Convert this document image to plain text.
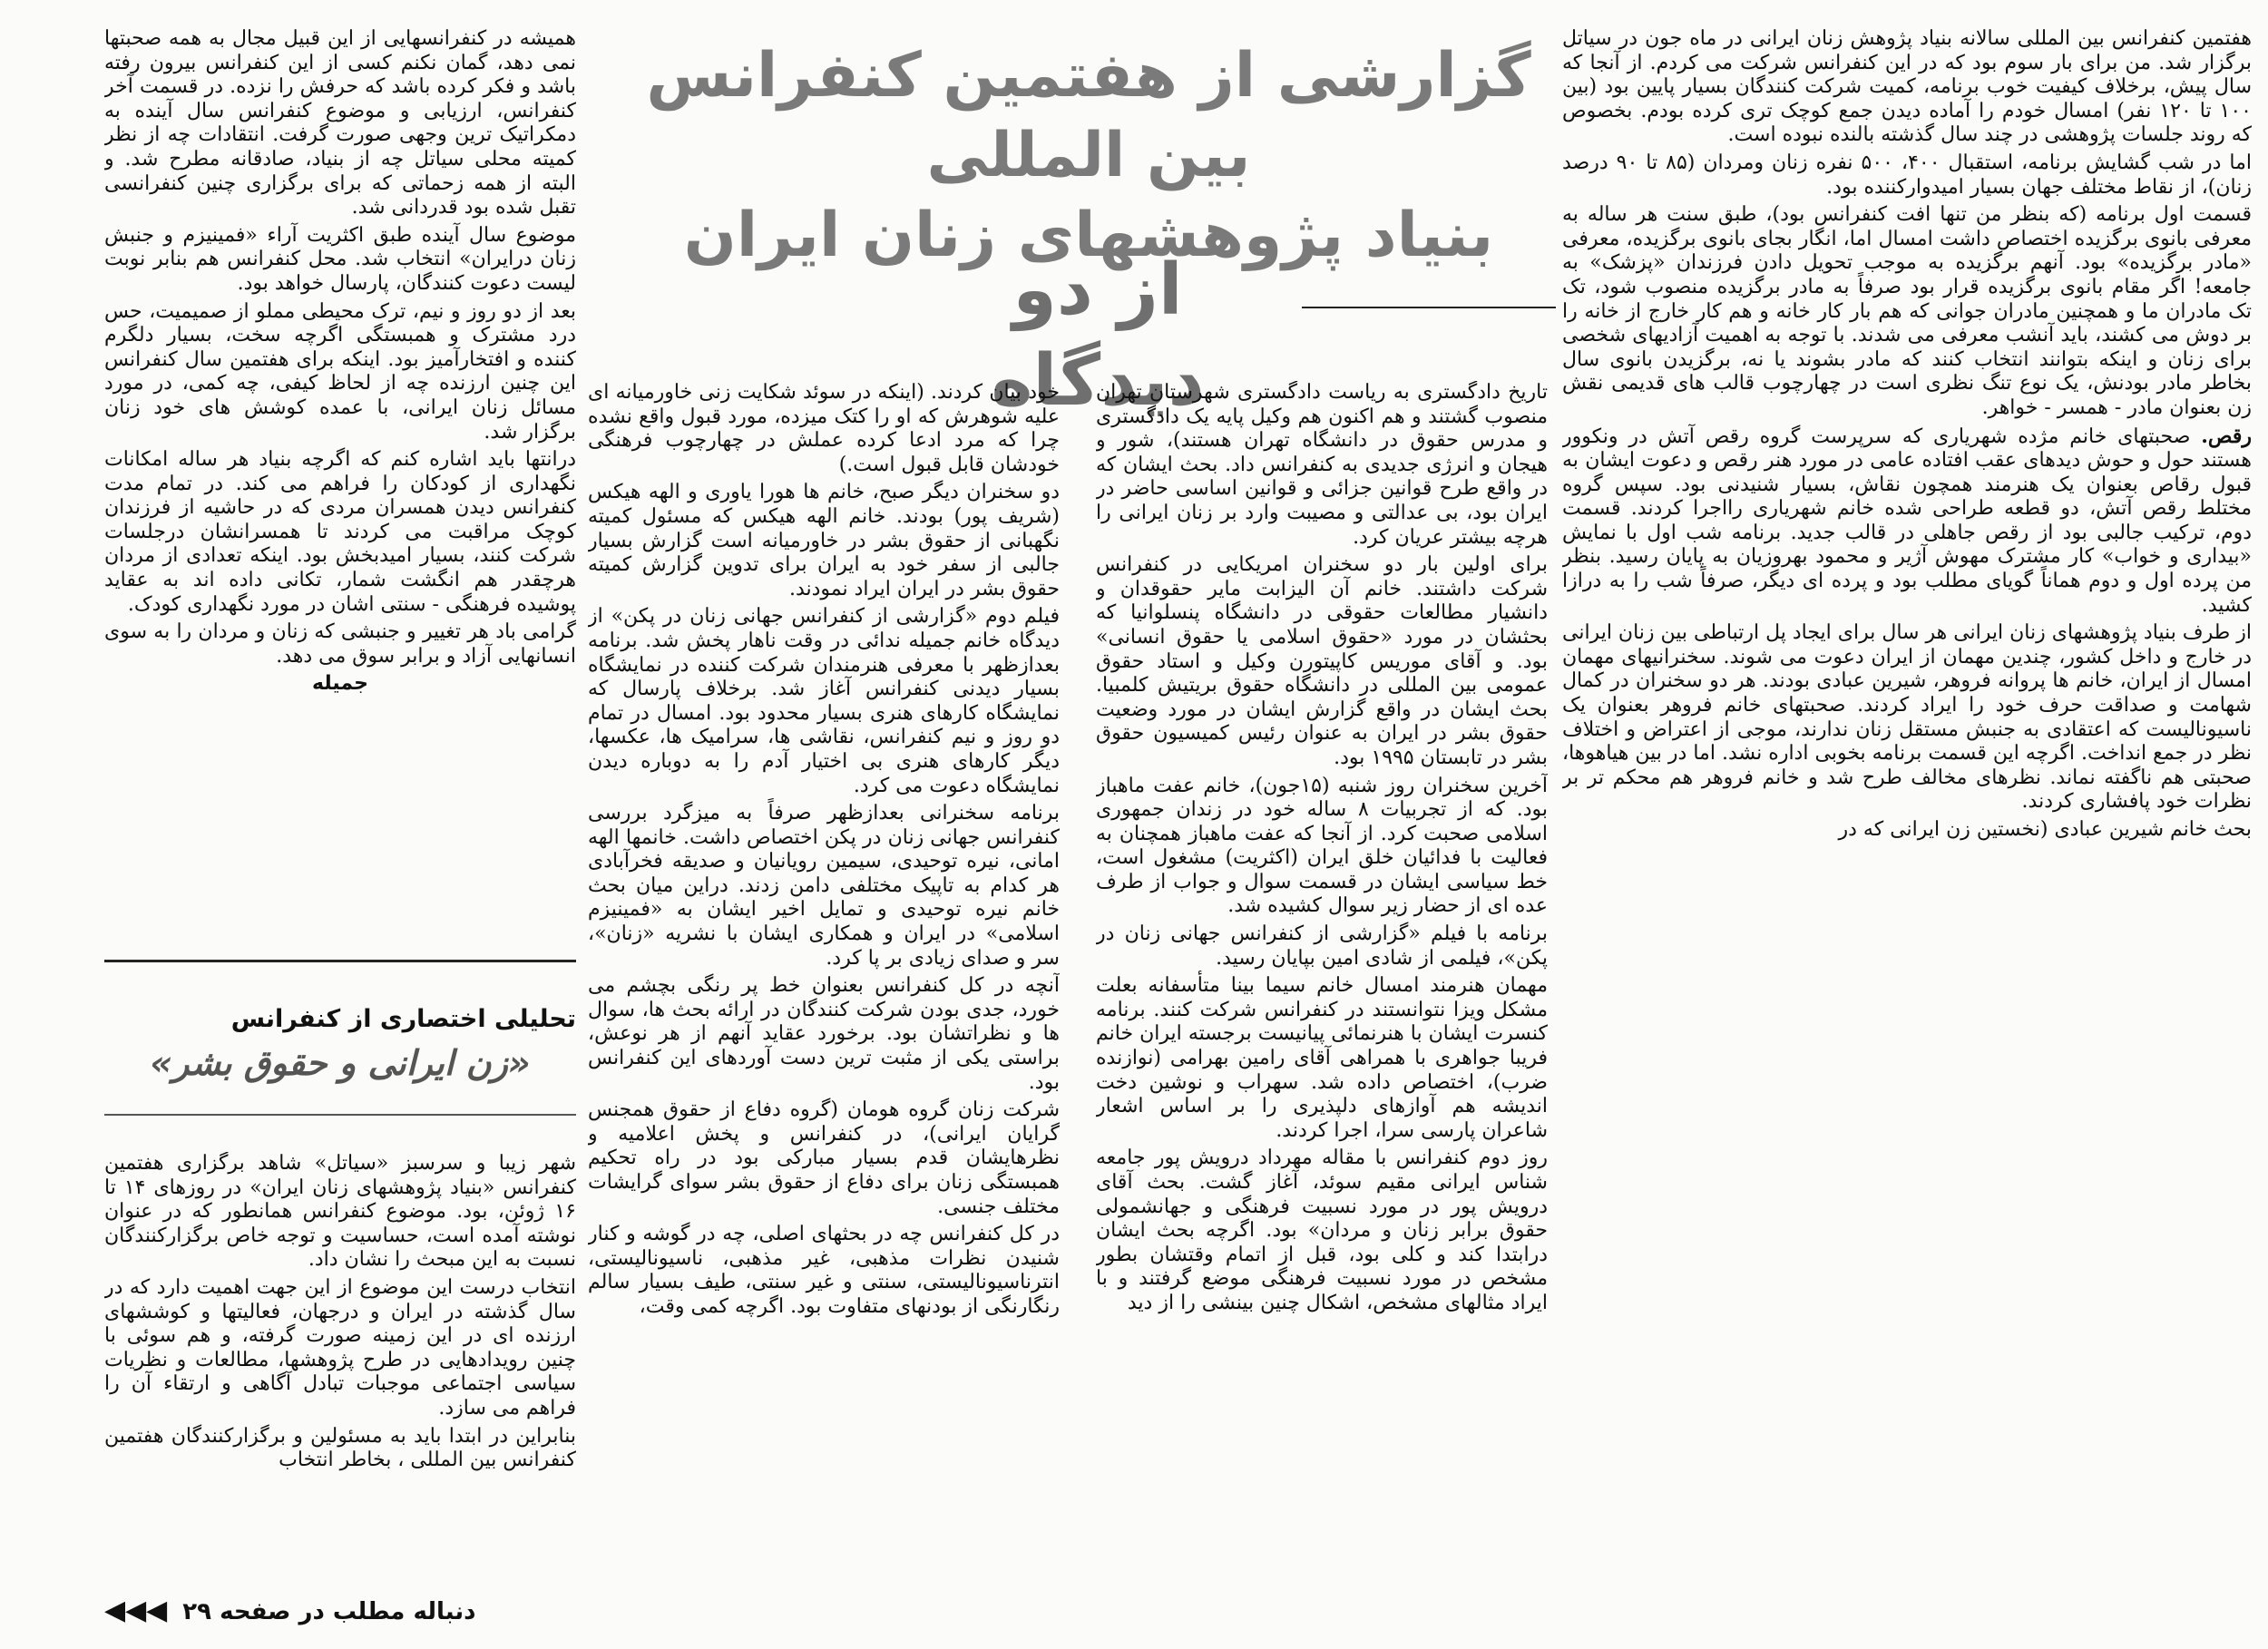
گزارشی از هفتمین کنفرانس بین المللی
بنیاد پژوهشهای زنان ایران
از دو دیدگاه

هفتمین کنفرانس بین المللی سالانه بنیاد پژوهش زنان ایرانی در ماه جون در سیاتل برگزار شد. من برای بار سوم بود که در این کنفرانس شرکت می کردم. از آنجا که سال پیش، برخلاف کیفیت خوب برنامه، کمیت شرکت کنندگان بسیار پایین بود (بین ۱۰۰ تا ۱۲۰ نفر) امسال خودم را آماده دیدن جمع کوچک تری کرده بودم. بخصوص که روند جلسات پژوهشی در چند سال گذشته بالنده نبوده است.

اما در شب گشایش برنامه، استقبال ۴۰۰، ۵۰۰ نفره زنان ومردان (۸۵ تا ۹۰ درصد زنان)، از نقاط مختلف جهان بسیار امیدوارکننده بود.

قسمت اول برنامه (که بنظر من تنها افت کنفرانس بود)، طبق سنت هر ساله به معرفی بانوی برگزیده اختصاص داشت امسال اما، انگار بجای بانوی برگزیده، معرفی «مادر برگزیده» بود. آنهم برگزیده به موجب تحویل دادن فرزندان «پزشک» به جامعه! اگر مقام بانوی برگزیده قرار بود صرفاً به مادر برگزیده منصوب شود، تک تک مادران ما و همچنین مادران جوانی که هم بار کار خانه و هم کار خارج از خانه را بر دوش می کشند، باید آنشب معرفی می شدند. با توجه به اهمیت آزادیهای شخصی برای زنان و اینکه بتوانند انتخاب کنند که مادر بشوند یا نه، برگزیدن بانوی سال بخاطر مادر بودنش، یک نوع تنگ نظری است در چهارچوب قالب های قدیمی نقش زن بعنوان مادر - همسر - خواهر.

رقص. صحبتهای خانم مژده شهریاری که سرپرست گروه رقص آتش در ونکوور هستند حول و حوش دیدهای عقب افتاده عامی در مورد هنر رقص و دعوت ایشان به قبول رقاص بعنوان یک هنرمند همچون نقاش، بسیار شنیدنی بود. سپس گروه مختلط رقص آتش، دو قطعه طراحی شده خانم شهریاری رااجرا کردند. قسمت دوم، ترکیب جالبی بود از رقص جاهلی در قالب جدید. برنامه شب اول با نمایش «بیداری و خواب» کار مشترک مهوش آژیر و محمود بهروزیان به پایان رسید. بنظر من پرده اول و دوم هماناً گویای مطلب بود و پرده ای دیگر، صرفاً شب را به درازا کشید.

از طرف بنیاد پژوهشهای زنان ایرانی هر سال برای ایجاد پل ارتباطی بین زنان ایرانی در خارج و داخل کشور، چندین مهمان از ایران دعوت می شوند. سخنرانیهای مهمان امسال از ایران، خانم ها پروانه فروهر، شیرین عبادی بودند. هر دو سخنران در کمال شهامت و صداقت حرف خود را ایراد کردند. صحبتهای خانم فروهر بعنوان یک ناسیونالیست که اعتقادی به جنبش مستقل زنان ندارند، موجی از اعتراض و اختلاف نظر در جمع انداخت. اگرچه این قسمت برنامه بخوبی اداره نشد. اما در بین هیاهوها، صحبتی هم ناگفته نماند. نظرهای مخالف طرح شد و خانم فروهر هم محکم تر بر نظرات خود پافشاری کردند.

بحث خانم شیرین عبادی (نخستین زن ایرانی که در

تاریخ دادگستری به ریاست دادگستری شهرستان تهران منصوب گشتند و هم اکنون هم وکیل پایه یک دادگستری و مدرس حقوق در دانشگاه تهران هستند)، شور و هیجان و انرژی جدیدی به کنفرانس داد. بحث ایشان که در واقع طرح قوانین جزائی و قوانین اساسی حاضر در ایران بود، بی عدالتی و مصیبت وارد بر زنان ایرانی را هرچه بیشتر عریان کرد.

برای اولین بار دو سخنران امریکایی در کنفرانس شرکت داشتند. خانم آن الیزابت مایر حقوقدان و دانشیار مطالعات حقوقی در دانشگاه پنسلوانیا که بحثشان در مورد «حقوق اسلامی یا حقوق انسانی» بود. و آقای موریس کاپیتورن وکیل و استاد حقوق عمومی بین المللی در دانشگاه حقوق بریتیش کلمبیا. بحث ایشان در واقع گزارش ایشان در مورد وضعیت حقوق بشر در ایران به عنوان رئیس کمیسیون حقوق بشر در تابستان ۱۹۹۵ بود.

آخرین سخنران روز شنبه (۱۵جون)، خانم عفت ماهباز بود. که از تجربیات ۸ ساله خود در زندان جمهوری اسلامی صحبت کرد. از آنجا که عفت ماهباز همچنان به فعالیت با فدائیان خلق ایران (اکثریت) مشغول است، خط سیاسی ایشان در قسمت سوال و جواب از طرف عده ای از حضار زیر سوال کشیده شد.

برنامه با فیلم «گزارشی از کنفرانس جهانی زنان در پکن»، فیلمی از شادی امین بپایان رسید.

مهمان هنرمند امسال خانم سیما بینا متأسفانه بعلت مشکل ویزا نتوانستند در کنفرانس شرکت کنند. برنامه کنسرت ایشان با هنرنمائی پیانیست برجسته ایران خانم فریبا جواهری با همراهی آقای رامین بهرامی (نوازنده ضرب)، اختصاص داده شد. سهراب و نوشین دخت اندیشه هم آوازهای دلپذیری را بر اساس اشعار شاعران پارسی سرا، اجرا کردند.

روز دوم کنفرانس با مقاله مهرداد درویش پور جامعه شناس ایرانی مقیم سوئد، آغاز گشت. بحث آقای درویش پور در مورد نسبیت فرهنگی و جهانشمولی حقوق برابر زنان و مردان» بود. اگرچه بحث ایشان درابتدا کند و کلی بود، قبل از اتمام وقتشان بطور مشخص در مورد نسبیت فرهنگی موضع گرفتند و با ایراد مثالهای مشخص، اشکال چنین بینشی را از دید

خود بیان کردند. (اینکه در سوئد شکایت زنی خاورمیانه ای علیه شوهرش که او را کتک میزده، مورد قبول واقع نشده چرا که مرد ادعا کرده عملش در چهارچوب فرهنگی خودشان قابل قبول است.)

دو سخنران دیگر صبح، خانم ها هورا یاوری و الهه هیکس (شریف پور) بودند. خانم الهه هیکس که مسئول کمیته نگهبانی از حقوق بشر در خاورمیانه است گزارش بسیار جالبی از سفر خود به ایران برای تدوین گزارش کمیته حقوق بشر در ایران ایراد نمودند.

فیلم دوم «گزارشی از کنفرانس جهانی زنان در پکن» از دیدگاه خانم جمیله ندائی در وقت ناهار پخش شد. برنامه بعدازظهر با معرفی هنرمندان شرکت کننده در نمایشگاه بسیار دیدنی کنفرانس آغاز شد. برخلاف پارسال که نمایشگاه کارهای هنری بسیار محدود بود. امسال در تمام دو روز و نیم کنفرانس، نقاشی ها، سرامیک ها، عکسها، دیگر کارهای هنری بی اختیار آدم را به دوباره دیدن نمایشگاه دعوت می کرد.

برنامه سخنرانی بعدازظهر صرفاً به میزگرد بررسی کنفرانس جهانی زنان در پکن اختصاص داشت. خانمها الهه امانی، نیره توحیدی، سیمین رویانیان و صدیقه فخرآبادی هر کدام به تاپیک مختلفی دامن زدند. دراین میان بحث خانم نیره توحیدی و تمایل اخیر ایشان به «فمینیزم اسلامی» در ایران و همکاری ایشان با نشریه «زنان»، سر و صدای زیادی بر پا کرد.

آنچه در کل کنفرانس بعنوان خط پر رنگی بچشم می خورد، جدی بودن شرکت کنندگان در ارائه بحث ها، سوال ها و نظراتشان بود. برخورد عقاید آنهم از هر نوعش، براستی یکی از مثبت ترین دست آوردهای این کنفرانس بود.

شرکت زنان گروه هومان (گروه دفاع از حقوق همجنس گرایان ایرانی)، در کنفرانس و پخش اعلامیه و نظرهایشان قدم بسیار مبارکی بود در راه تحکیم همبستگی زنان برای دفاع از حقوق بشر سوای گرایشات مختلف جنسی.

در کل کنفرانس چه در بحثهای اصلی، چه در گوشه و کنار شنیدن نظرات مذهبی، غیر مذهبی، ناسیونالیستی، انترناسیونالیستی، سنتی و غیر سنتی، طیف بسیار سالم رنگارنگی از بودنهای متفاوت بود. اگرچه کمی وقت،

همیشه در کنفرانسهایی از این قبیل مجال به همه صحبتها نمی دهد، گمان نکنم کسی از این کنفرانس بیرون رفته باشد و فکر کرده باشد که حرفش را نزده. در قسمت آخر کنفرانس، ارزیابی و موضوع کنفرانس سال آینده به دمکراتیک ترین وجهی صورت گرفت. انتقادات چه از نظر کمیته محلی سیاتل چه از بنیاد، صادقانه مطرح شد. و البته از همه زحماتی که برای برگزاری چنین کنفرانسی تقبل شده بود قدردانی شد.

موضوع سال آینده طبق اکثریت آراء «فمینیزم و جنبش زنان درایران» انتخاب شد. محل کنفرانس هم بنابر نوبت لیست دعوت کنندگان، پارسال خواهد بود.

بعد از دو روز و نیم، ترک محیطی مملو از صمیمیت، حس درد مشترک و همبستگی اگرچه سخت، بسیار دلگرم کننده و افتخارآمیز بود. اینکه برای هفتمین سال کنفرانس این چنین ارزنده چه از لحاظ کیفی، چه کمی، در مورد مسائل زنان ایرانی، با عمده کوشش های خود زنان برگزار شد.

درانتها باید اشاره کنم که اگرچه بنیاد هر ساله امکانات نگهداری از کودکان را فراهم می کند. در تمام مدت کنفرانس دیدن همسران مردی که در حاشیه از فرزندان کوچک مراقبت می کردند تا همسرانشان درجلسات شرکت کنند، بسیار امیدبخش بود. اینکه تعدادی از مردان هرچقدر هم انگشت شمار، تکانی داده اند به عقاید پوشیده فرهنگی - سنتی اشان در مورد نگهداری کودک.

گرامی باد هر تغییر و جنبشی که زنان و مردان را به سوی انسانهایی آزاد و برابر سوق می دهد.

جمیله
تحلیلی اختصاری از کنفرانس
«زن ایرانی و حقوق بشر»

شهر زیبا و سرسبز «سیاتل» شاهد برگزاری هفتمین کنفرانس «بنیاد پژوهشهای زنان ایران» در روزهای ۱۴ تا ۱۶ ژوئن، بود. موضوع کنفرانس همانطور که در عنوان نوشته آمده است، حساسیت و توجه خاص برگزارکنندگان نسبت به این مبحث را نشان داد.

انتخاب درست این موضوع از این جهت اهمیت دارد که در سال گذشته در ایران و درجهان، فعالیتها و کوششهای ارزنده ای در این زمینه صورت گرفته، و هم سوئی با چنین رویدادهایی در طرح پژوهشها، مطالعات و نظریات سیاسی اجتماعی موجبات تبادل آگاهی و ارتقاء آن را فراهم می سازد.

بنابراین در ابتدا باید به مسئولین و برگزارکنندگان هفتمین کنفرانس بین المللی ، بخاطر انتخاب

دنباله مطلب در صفحه ۲۹ ◀◀◀
